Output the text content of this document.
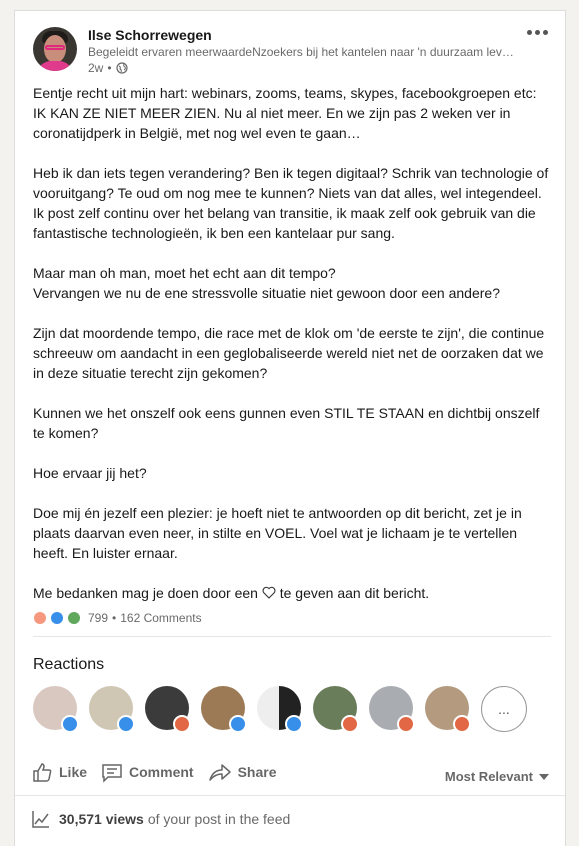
Ilse Schorrewegen
Begeleidt ervaren meerwaardeNzoekers bij het kantelen naar 'n duurzaam lev…
2w •

Eentje recht uit mijn hart: webinars, zooms, teams, skypes, facebookgroepen etc: IK KAN ZE NIET MEER ZIEN. Nu al niet meer. En we zijn pas 2 weken ver in coronatijdperk in België, met nog wel even te gaan…

Heb ik dan iets tegen verandering? Ben ik tegen digitaal? Schrik van technologie of vooruitgang? Te oud om nog mee te kunnen? Niets van dat alles, wel integendeel. Ik post zelf continu over het belang van transitie, ik maak zelf ook gebruik van die fantastische technologieën, ik ben een kantelaar pur sang.

Maar man oh man, moet het echt aan dit tempo?
Vervangen we nu de ene stressvolle situatie niet gewoon door een andere?

Zijn dat moordende tempo, die race met de klok om 'de eerste te zijn', die continue schreeuw om aandacht in een geglobaliseerde wereld niet net de oorzaken dat we in deze situatie terecht zijn gekomen?

Kunnen we het onszelf ook eens gunnen even STIL TE STAAN en dichtbij onszelf te komen?

Hoe ervaar jij het?

Doe mij én jezelf een plezier: je hoeft niet te antwoorden op dit bericht, zet je in plaats daarvan even neer, in stilte en VOEL. Voel wat je lichaam je te vertellen heeft. En luister ernaar.

Me bedanken mag je doen door een te geven aan dit bericht.

799 • 162 Comments
Reactions
...
Like	Comment	Share	Most Relevant
30,571 views of your post in the feed
